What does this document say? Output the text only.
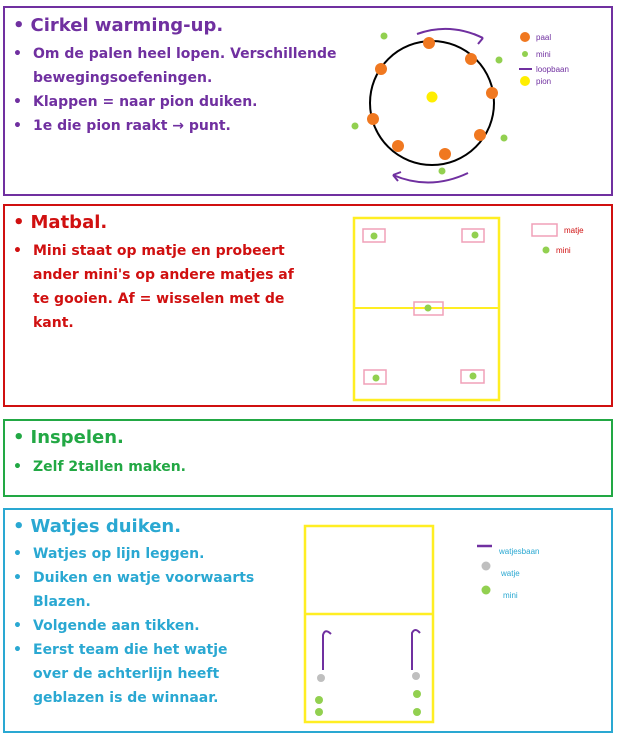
• Cirkel warming-up.
• Om de palen heel lopen. Verschillende bewegingsoefeningen.
• Klappen = naar pion duiken.
• 1e die pion raakt → punt.
paal
mini
loopbaan
pion
• Matbal.
• Mini staat op matje en probeert ander mini's op andere matjes af te gooien. Af = wisselen met de kant.
matje
mini
• Inspelen.
• Zelf 2tallen maken.
• Watjes duiken.
• Watjes op lijn leggen.
• Duiken en watje voorwaarts Blazen.
• Volgende aan tikken.
• Eerst team die het watje over de achterlijn heeft geblazen is de winnaar.
watjesbaan
watje
mini
